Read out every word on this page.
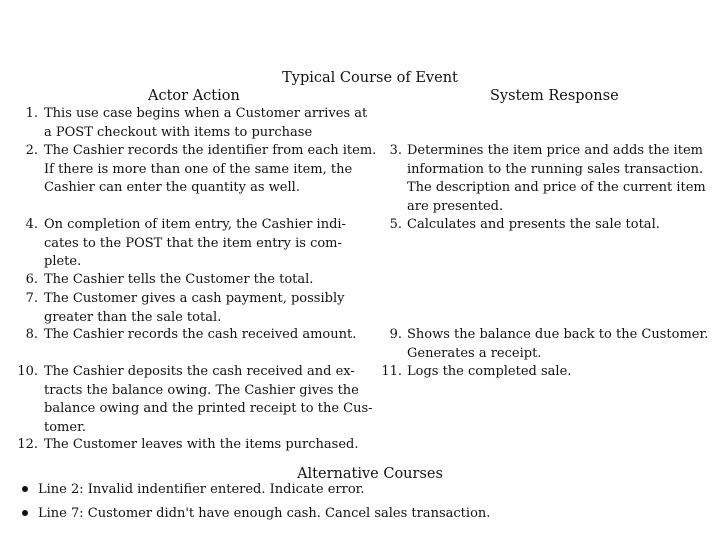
Typical Course of Event
Actor Action	System Response
1. This use case begins when a Customer arrives at
a POST checkout with items to purchase
2. The Cashier records the identifier from each item.
If there is more than one of the same item, the
Cashier can enter the quantity as well.
4. On completion of item entry, the Cashier indi-
cates to the POST that the item entry is com-
plete.
6. The Cashier tells the Customer the total.
7. The Customer gives a cash payment, possibly
greater than the sale total.
8. The Cashier records the cash received amount.
10. The Cashier deposits the cash received and ex-
tracts the balance owing. The Cashier gives the
balance owing and the printed receipt to the Cus-
tomer.
12. The Customer leaves with the items purchased.
3. Determines the item price and adds the item
information to the running sales transaction.
The description and price of the current item
are presented.
5. Calculates and presents the sale total.
9. Shows the balance due back to the Customer.
Generates a receipt.
11. Logs the completed sale.
Alternative Courses
Line 2: Invalid indentifier entered. Indicate error.
Line 7: Customer didn't have enough cash. Cancel sales transaction.
